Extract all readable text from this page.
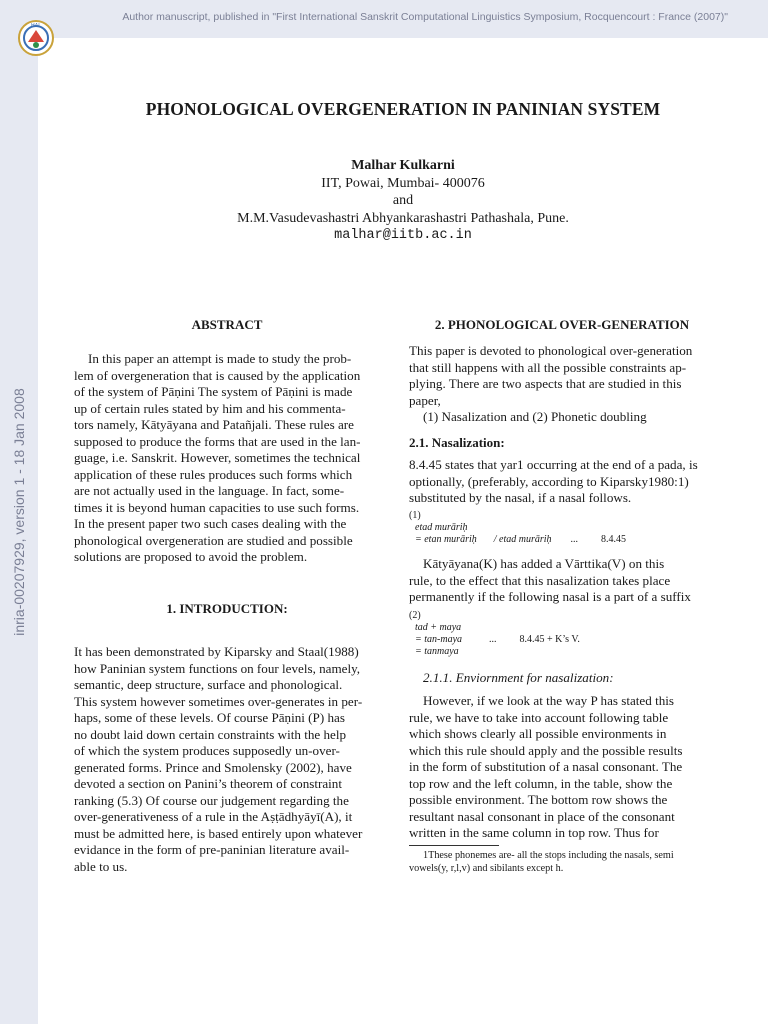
Author manuscript, published in "First International Sanskrit Computational Linguistics Symposium, Rocquencourt : France (2007)"
HAL
inria-00207929, version 1 - 18 Jan 2008
PHONOLOGICAL OVERGENERATION IN PANINIAN SYSTEM
Malhar Kulkarni
IIT, Powai, Mumbai- 400076
and
M.M.Vasudevashastri Abhyankarashastri Pathashala, Pune.
malhar@iitb.ac.in
ABSTRACT
In this paper an attempt is made to study the prob-
lem of overgeneration that is caused by the application
of the system of Pāṇini The system of Pāṇini is made
up of certain rules stated by him and his commenta-
tors namely, Kātyāyana and Patañjali. These rules are
supposed to produce the forms that are used in the lan-
guage, i.e. Sanskrit. However, sometimes the technical
application of these rules produces such forms which
are not actually used in the language. In fact, some-
times it is beyond human capacities to use such forms.
In the present paper two such cases dealing with the
phonological overgeneration are studied and possible
solutions are proposed to avoid the problem.
1. INTRODUCTION:
It has been demonstrated by Kiparsky and Staal(1988)
how Paninian system functions on four levels, namely,
semantic, deep structure, surface and phonological.
This system however sometimes over-generates in per-
haps, some of these levels. Of course Pāṇini (P) has
no doubt laid down certain constraints with the help
of which the system produces supposedly un-over-
generated forms. Prince and Smolensky (2002), have
devoted a section on Panini’s theorem of constraint
ranking (5.3) Of course our judgement regarding the
over-generativeness of a rule in the Aṣṭādhyāyī(A), it
must be admitted here, is based entirely upon whatever
evidance in the form of pre-paninian literature avail-
able to us.
2. PHONOLOGICAL OVER-GENERATION
This paper is devoted to phonological over-generation
that still happens with all the possible constraints ap-
plying. There are two aspects that are studied in this
paper,
(1) Nasalization and (2) Phonetic doubling
2.1. Nasalization:
8.4.45 states that yar1 occurring at the end of a pada, is
optionally, (preferably, according to Kiparsky1980:1)
substituted by the nasal, if a nasal follows.
(1)
etad murāriḥ
= etan murāriḥ / etad murāriḥ ... 8.4.45
Kātyāyana(K) has added a Vārttika(V) on this
rule, to the effect that this nasalization takes place
permanently if the following nasal is a part of a suffix
(2)
tad + maya
= tan-maya	... 8.4.45 + K’s V.
= tanmaya
2.1.1. Enviornment for nasalization:
However, if we look at the way P has stated this
rule, we have to take into account following table
which shows clearly all possible environments in
which this rule should apply and the possible results
in the form of substitution of a nasal consonant. The
top row and the left column, in the table, show the
possible environment. The bottom row shows the
resultant nasal consonant in place of the consonant
written in the same column in top row. Thus for
1These phonemes are- all the stops including the nasals, semi
vowels(y, r,l,v) and sibilants except h.
